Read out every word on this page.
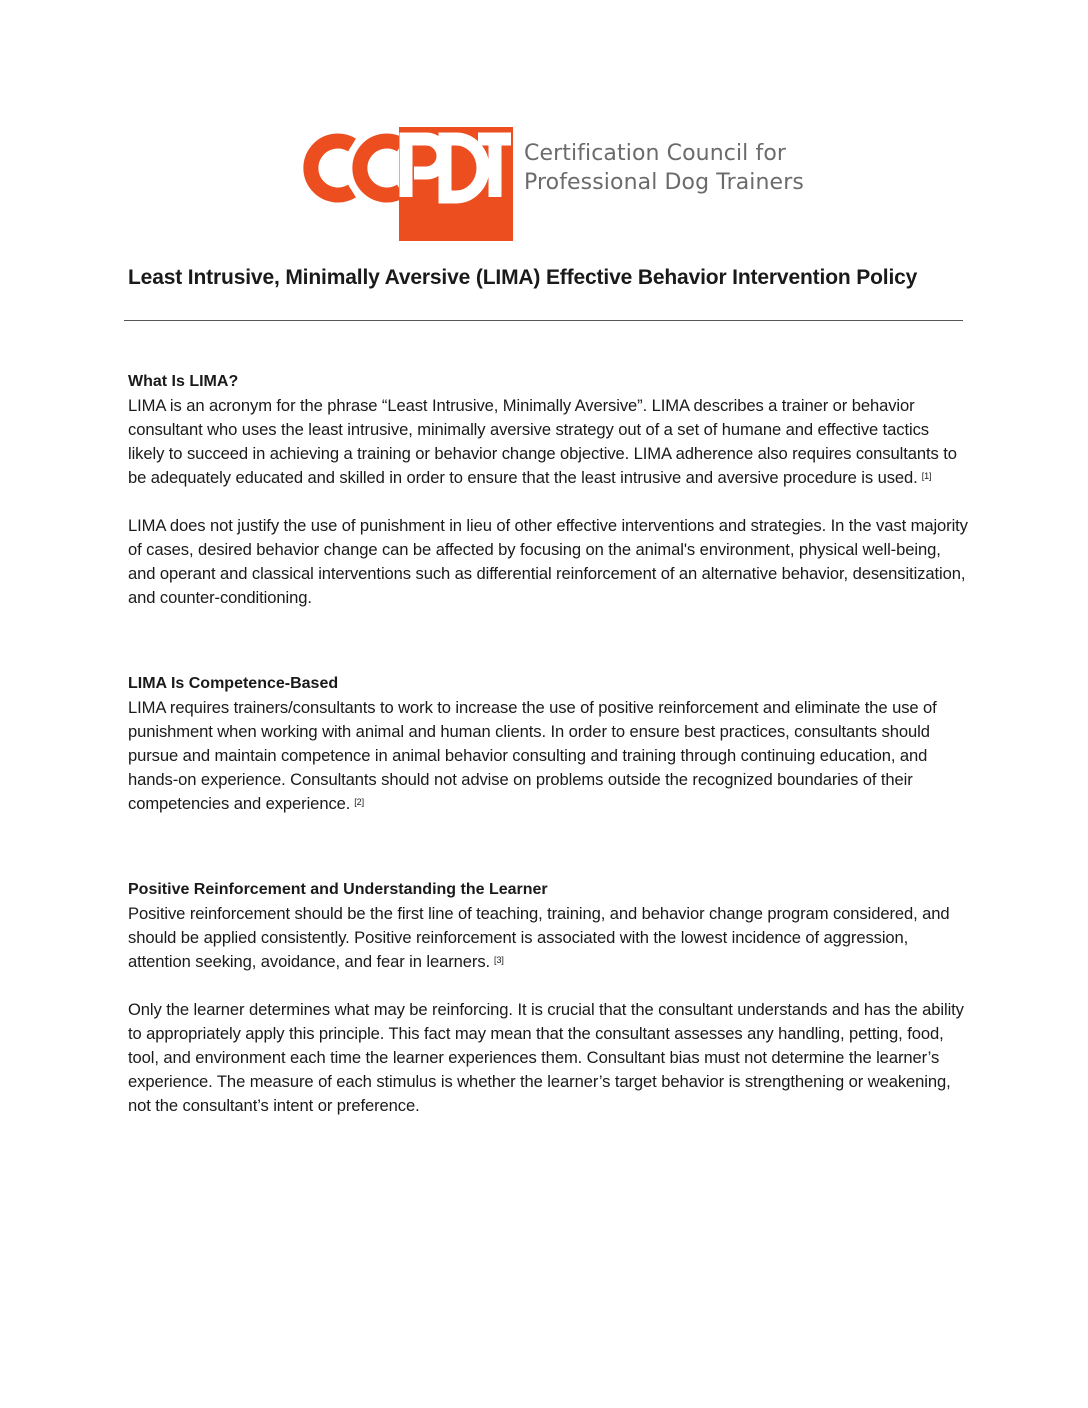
Certification Council for
Professional Dog Trainers
Least Intrusive, Minimally Aversive (LIMA) Effective Behavior Intervention Policy
What Is LIMA?

LIMA is an acronym for the phrase “Least Intrusive, Minimally Aversive”. LIMA describes a trainer or behavior consultant who uses the least intrusive, minimally aversive strategy out of a set of humane and effective tactics likely to succeed in achieving a training or behavior change objective. LIMA adherence also requires consultants to be adequately educated and skilled in order to ensure that the least intrusive and aversive procedure is used. [1]

LIMA does not justify the use of punishment in lieu of other effective interventions and strategies. In the vast majority of cases, desired behavior change can be affected by focusing on the animal's environment, physical well-being, and operant and classical interventions such as differential reinforcement of an alternative behavior, desensitization, and counter-conditioning.

LIMA Is Competence-Based

LIMA requires trainers/consultants to work to increase the use of positive reinforcement and eliminate the use of punishment when working with animal and human clients. In order to ensure best practices, consultants should pursue and maintain competence in animal behavior consulting and training through continuing education, and hands-on experience. Consultants should not advise on problems outside the recognized boundaries of their competencies and experience. [2]

Positive Reinforcement and Understanding the Learner

Positive reinforcement should be the first line of teaching, training, and behavior change program considered, and should be applied consistently. Positive reinforcement is associated with the lowest incidence of aggression, attention seeking, avoidance, and fear in learners. [3]

Only the learner determines what may be reinforcing. It is crucial that the consultant understands and has the ability to appropriately apply this principle. This fact may mean that the consultant assesses any handling, petting, food, tool, and environment each time the learner experiences them. Consultant bias must not determine the learner’s experience. The measure of each stimulus is whether the learner’s target behavior is strengthening or weakening, not the consultant’s intent or preference.
